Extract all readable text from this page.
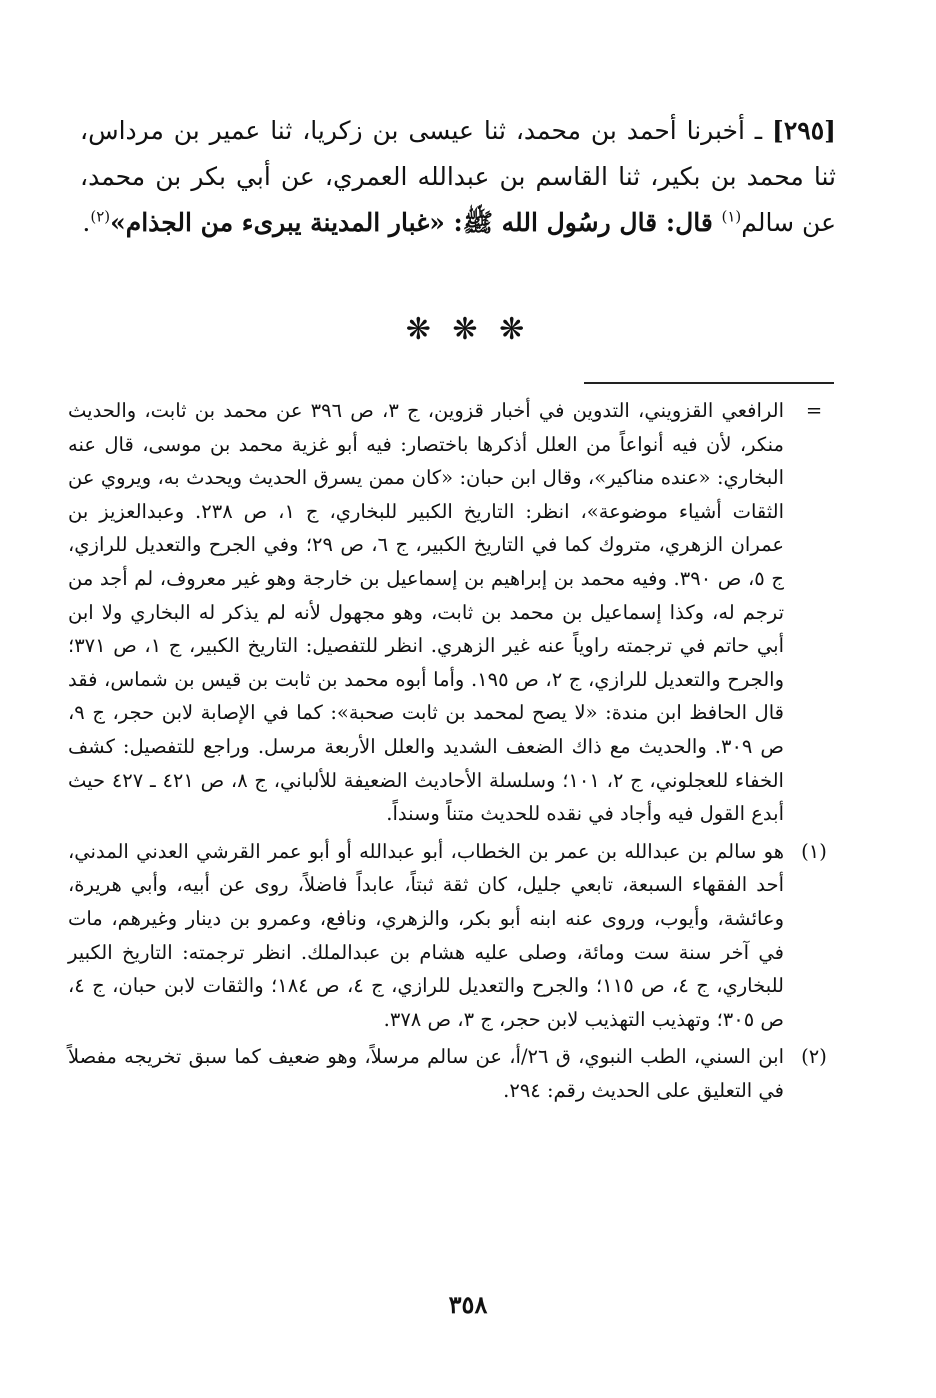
[٢٩٥] ـ أخبرنا أحمد بن محمد، ثنا عيسى بن زكريا، ثنا عمير بن مرداس، ثنا محمد بن بكير، ثنا القاسم بن عبدالله العمري، عن أبي بكر بن محمد، عن سالم$^{(١)}$ قال: قال رسُول الله ﷺ: «غبار المدينة يبرىء من الجذام»$^{(٢)}$.

❋ ❋ ❋

=
الرافعي القزويني، التدوين في أخبار قزوين، ج ٣، ص ٣٩٦ عن محمد بن ثابت، والحديث منكر، لأن فيه أنواعاً من العلل أذكرها باختصار: فيه أبو غزية محمد بن موسى، قال عنه البخاري: «عنده مناكير»، وقال ابن حبان: «كان ممن يسرق الحديث ويحدث به، ويروي عن الثقات أشياء موضوعة»، انظر: التاريخ الكبير للبخاري، ج ١، ص ٢٣٨. وعبدالعزيز بن عمران الزهري، متروك كما في التاريخ الكبير، ج ٦، ص ٢٩؛ وفي الجرح والتعديل للرازي، ج ٥، ص ٣٩٠. وفيه محمد بن إبراهيم بن إسماعيل بن خارجة وهو غير معروف، لم أجد من ترجم له، وكذا إسماعيل بن محمد بن ثابت، وهو مجهول لأنه لم يذكر له البخاري ولا ابن أبي حاتم في ترجمته راوياً عنه غير الزهري. انظر للتفصيل: التاريخ الكبير، ج ١، ص ٣٧١؛ والجرح والتعديل للرازي، ج ٢، ص ١٩٥. وأما أبوه محمد بن ثابت بن قيس بن شماس، فقد قال الحافظ ابن مندة: «لا يصح لمحمد بن ثابت صحبة»: كما في الإصابة لابن حجر، ج ٩، ص ٣٠٩. والحديث مع ذاك الضعف الشديد والعلل الأربعة مرسل. وراجع للتفصيل: كشف الخفاء للعجلوني، ج ٢، ١٠١؛ وسلسلة الأحاديث الضعيفة للألباني، ج ٨، ص ٤٢١ ـ ٤٢٧ حيث أبدع القول فيه وأجاد في نقده للحديث متناً وسنداً.

(١)
هو سالم بن عبدالله بن عمر بن الخطاب، أبو عبدالله أو أبو عمر القرشي العدني المدني، أحد الفقهاء السبعة، تابعي جليل، كان ثقة ثبتاً، عابداً فاضلاً، روى عن أبيه، وأبي هريرة، وعائشة، وأيوب، وروى عنه ابنه أبو بكر، والزهري، ونافع، وعمرو بن دينار وغيرهم، مات في آخر سنة ست ومائة، وصلى عليه هشام بن عبدالملك. انظر ترجمته: التاريخ الكبير للبخاري، ج ٤، ص ١١٥؛ والجرح والتعديل للرازي، ج ٤، ص ١٨٤؛ والثقات لابن حبان، ج ٤، ص ٣٠٥؛ وتهذيب التهذيب لابن حجر، ج ٣، ص ٣٧٨.

(٢)
ابن السني، الطب النبوي، ق ٢٦/أ، عن سالم مرسلاً، وهو ضعيف كما سبق تخريجه مفصلاً في التعليق على الحديث رقم: ٢٩٤.

٣٥٨
